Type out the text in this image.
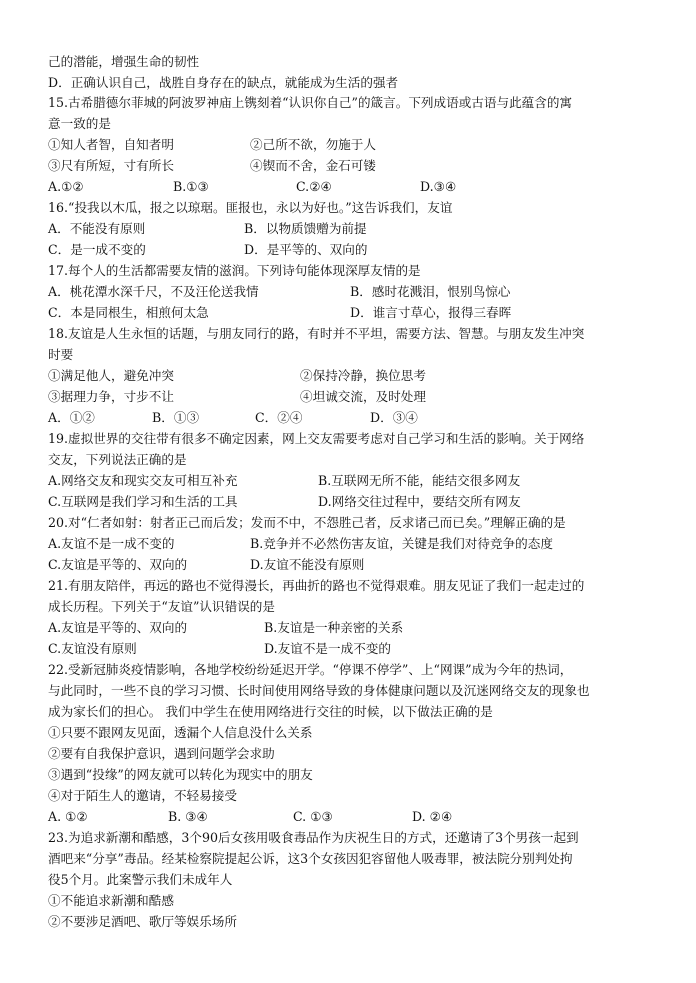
己的潜能，增强生命的韧性
D．正确认识自己，战胜自身存在的缺点，就能成为生活的强者
15.古希腊德尔菲城的阿波罗神庙上镌刻着“认识你自己”的箴言。下列成语或古语与此蕴含的寓
意一致的是
①知人者智，自知者明	②己所不欲，勿施于人
③尺有所短，寸有所长	④锲而不舍，金石可镂
A.①②	B.①③	C.②④	D.③④
16.“投我以木瓜，报之以琼琚。匪报也，永以为好也。”这告诉我们，友谊
A．不能没有原则	B．以物质馈赠为前提
C．是一成不变的	D．是平等的、双向的
17.每个人的生活都需要友情的滋润。下列诗句能体现深厚友情的是
A．桃花潭水深千尺，不及汪伦送我情	B．感时花溅泪，恨别鸟惊心
C．本是同根生，相煎何太急	D．谁言寸草心，报得三春晖
18.友谊是人生永恒的话题，与朋友同行的路，有时并不平坦，需要方法、智慧。与朋友发生冲突
时要
①满足他人，避免冲突	②保持冷静，换位思考
③据理力争，寸步不让	④坦诚交流，及时处理
A．①②	B．①③	C．②④	D．③④
19.虚拟世界的交往带有很多不确定因素，网上交友需要考虑对自己学习和生活的影响。关于网络
交友，下列说法正确的是
A.网络交友和现实交友可相互补充	B.互联网无所不能，能结交很多网友
C.互联网是我们学习和生活的工具	D.网络交往过程中，要结交所有网友
20.对“仁者如射：射者正己而后发；发而不中，不怨胜己者，反求诸己而已矣。”理解正确的是
A.友谊不是一成不变的	B.竞争并不必然伤害友谊，关键是我们对待竞争的态度
C.友谊是平等的、双向的	D.友谊不能没有原则
21.有朋友陪伴，再远的路也不觉得漫长，再曲折的路也不觉得艰难。朋友见证了我们一起走过的
成长历程。下列关于“友谊”认识错误的是
A.友谊是平等的、双向的	B.友谊是一种亲密的关系
C.友谊没有原则	D.友谊不是一成不变的
22.受新冠肺炎疫情影响，各地学校纷纷延迟开学。“停课不停学”、上“网课”成为今年的热词，
与此同时，一些不良的学习习惯、长时间使用网络导致的身体健康问题以及沉迷网络交友的现象也
成为家长们的担心。 我们中学生在使用网络进行交往的时候，以下做法正确的是
①只要不跟网友见面，透漏个人信息没什么关系
②要有自我保护意识，遇到问题学会求助
③遇到“投缘”的网友就可以转化为现实中的朋友
④对于陌生人的邀请，不轻易接受
A. ①②	B. ③④	C. ①③	D. ②④
23.为追求新潮和酷感，3个90后女孩用吸食毒品作为庆祝生日的方式，还邀请了3个男孩一起到
酒吧来“分享”毒品。经某检察院提起公诉，这3个女孩因犯容留他人吸毒罪，被法院分别判处拘
役5个月。此案警示我们未成年人
①不能追求新潮和酷感
②不要涉足酒吧、歌厅等娱乐场所
